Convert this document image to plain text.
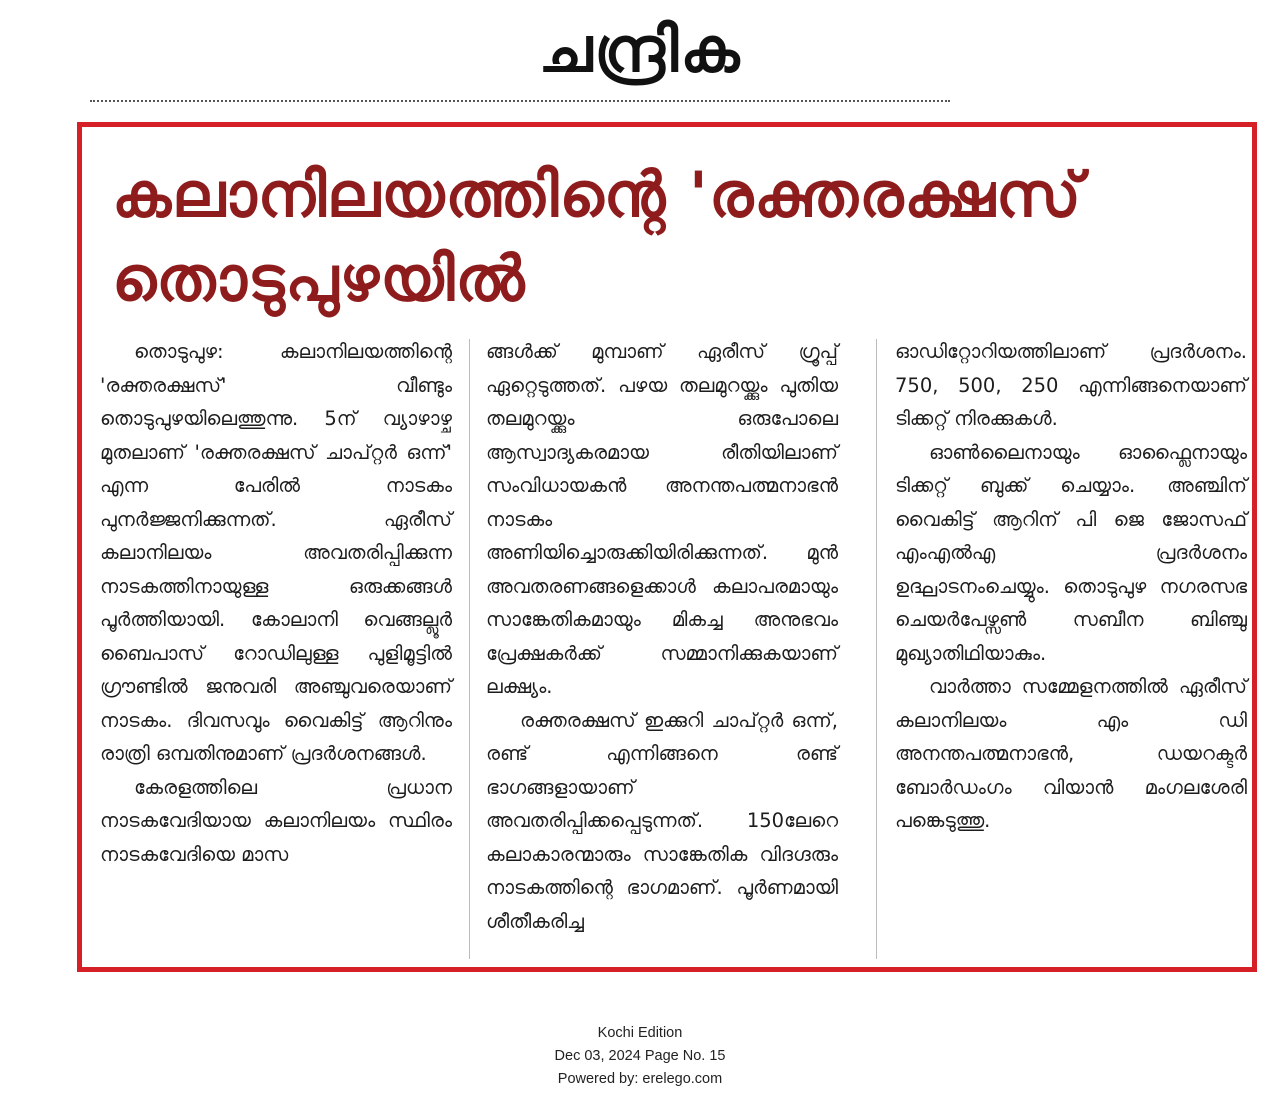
ചന്ദ്രിക
കലാനിലയത്തിന്റെ 'രക്തരക്ഷസ്
തൊടുപുഴയിൽ

തൊടുപുഴ: കലാനിലയത്തിന്റെ 'രക്തരക്ഷസ്' വീണ്ടും തൊടുപുഴയിലെത്തുന്നു. 5ന് വ്യാഴാഴ്ച മുതലാണ് 'രക്തരക്ഷസ് ചാപ്റ്റർ ഒന്ന്' എന്ന പേരിൽ നാടകം പുനർജ്ജനിക്കുന്നത്. ഏരീസ് കലാനിലയം അവതരിപ്പിക്കുന്ന നാടകത്തിനായുള്ള ഒരുക്കങ്ങൾ പൂർത്തിയായി. കോലാനി വെങ്ങല്ലൂർ ബൈപാസ് റോഡിലുള്ള പുളിമൂട്ടിൽ ഗ്രൗണ്ടിൽ ജനുവരി അഞ്ചുവരെയാണ് നാടകം. ദിവസവും വൈകിട്ട് ആറിനും രാത്രി ഒമ്പതിനുമാണ് പ്രദർശനങ്ങൾ.

കേരളത്തിലെ പ്രധാന നാടകവേദിയായ കലാനിലയം സ്ഥിരം നാടകവേദിയെ മാസ

ങ്ങൾക്ക് മുമ്പാണ് ഏരീസ് ഗ്രൂപ്പ് ഏറ്റെടുത്തത്. പഴയ തലമുറയ്ക്കും പുതിയ തലമുറയ്ക്കും ഒരുപോലെ ആസ്വാദ്യകരമായ രീതിയിലാണ് സംവിധായകൻ അനന്തപത്മനാഭൻ നാടകം അണിയിച്ചൊരുക്കിയിരിക്കുന്നത്. മുൻ അവതരണങ്ങളെക്കാൾ കലാപരമായും സാങ്കേതികമായും മികച്ച അനുഭവം പ്രേക്ഷകർക്ക് സമ്മാനിക്കുകയാണ് ലക്ഷ്യം.

രക്തരക്ഷസ് ഇക്കുറി ചാപ്റ്റർ ഒന്ന്, രണ്ട് എന്നിങ്ങനെ രണ്ട് ഭാഗങ്ങളായാണ് അവതരിപ്പിക്കപ്പെടുന്നത്. 150ലേറെ കലാകാരന്മാരും സാങ്കേതിക വിദഗ്ദരും നാടകത്തിന്റെ ഭാഗമാണ്. പൂർണമായി ശീതീകരിച്ച

ഓഡിറ്റോറിയത്തിലാണ് പ്രദർശനം. 750, 500, 250 എന്നിങ്ങനെയാണ് ടിക്കറ്റ് നിരക്കുകൾ.

ഓൺലൈനായും ഓഫ്ലൈനായും ടിക്കറ്റ് ബുക്ക് ചെയ്യാം. അഞ്ചിന് വൈകിട്ട് ആറിന് പി ജെ ജോസഫ് എംഎൽഎ പ്രദർശനം ഉദ്ഘാടനംചെയ്യും. തൊടുപുഴ നഗരസഭ ചെയർപേഴ്സൺ സബീന ബിഞ്ചു മുഖ്യാതിഥിയാകും.

വാർത്താ സമ്മേളനത്തിൽ ഏരീസ് കലാനിലയം എം ഡി അനന്തപത്മനാഭൻ, ഡയറക്ടർ ബോർഡംഗം വിയാൻ മംഗലശേരി പങ്കെടുത്തു.

Kochi Edition
Dec 03, 2024 Page No. 15
Powered by: erelego.com
